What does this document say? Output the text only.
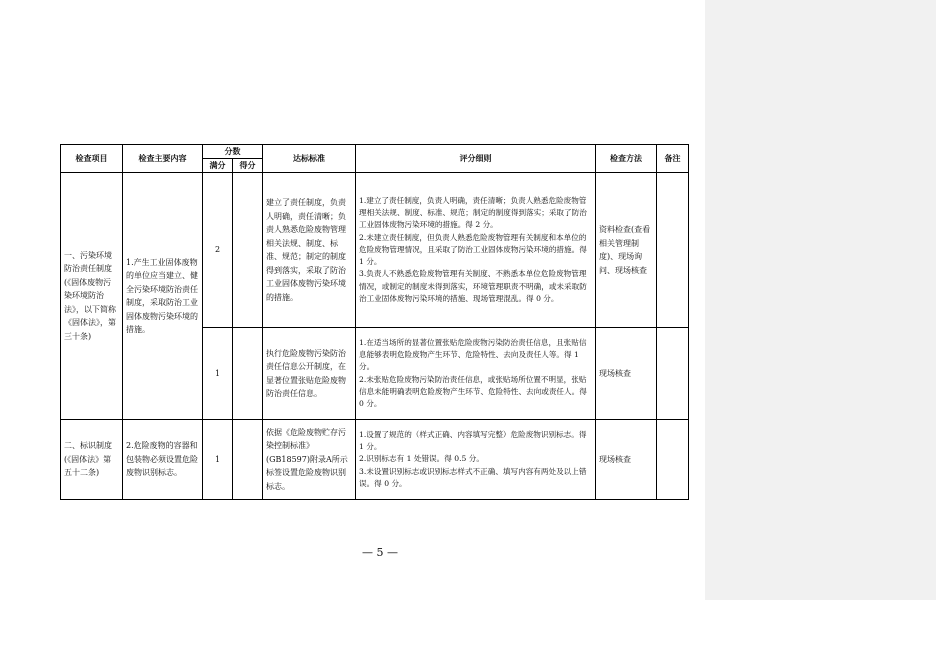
检查项目	检查主要内容	分数		达标标准	评分细则	检查方法	备注
		满分	得分				
一、污染环境防治责任制度(《固体废物污染环境防治法》，以下简称《固体法》，第三十条)	1.产生工业固体废物的单位应当建立、健全污染环境防治责任制度，采取防治工业固体废物污染环境的措施。	2		建立了责任制度，负责人明确，责任清晰；负责人熟悉危险废物管理相关法规、制度、标准、规范；制定的制度得到落实，采取了防治工业固体废物污染环境的措施。	1.建立了责任制度，负责人明确，责任清晰；负责人熟悉危险废物管理相关法规、制度、标准、规范；制定的制度得到落实；采取了防治工业固体废物污染环境的措施。得 2 分。
2.未建立责任制度，但负责人熟悉危险废物管理有关制度和本单位的危险废物管理情况，且采取了防治工业固体废物污染环境的措施。得 1 分。
3.负责人不熟悉危险废物管理有关制度、不熟悉本单位危险废物管理情况，或制定的制度未得到落实，环境管理职责不明确，或未采取防治工业固体废物污染环境的措施、现场管理混乱。得 0 分。	资料检查(查看相关管理制度)、现场询问、现场核查	
		1		执行危险废物污染防治责任信息公开制度，在显著位置张贴危险废物防治责任信息。	1.在适当场所的显著位置张贴危险废物污染防治责任信息，且张贴信息能够表明危险废物产生环节、危险特性、去向及责任人等。得 1 分。
2.未张贴危险废物污染防治责任信息，或张贴场所位置不明显，张贴信息未能明确表明危险废物产生环节、危险特性、去向或责任人。得 0 分。	现场核查	
二、标识制度(《固体法》第五十二条)	2.危险废物的容器和包装物必须设置危险废物识别标志。	1		依据《危险废物贮存污染控制标准》(GB18597)附录A所示标签设置危险废物识别标志。	1.设置了规范的（样式正确、内容填写完整）危险废物识别标志。得 1 分。
2.识别标志有 1 处错误。得 0.5 分。
3.未设置识别标志或识别标志样式不正确、填写内容有两处及以上错误。得 0 分。	现场核查	
— 5 —
